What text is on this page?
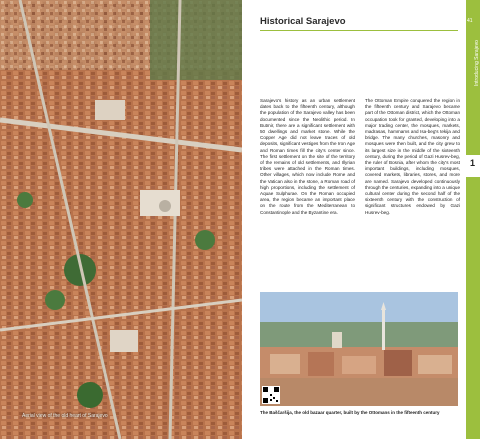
Aerial view of the old heart of Sarajevo
Historical Sarajevo

Sarajevo's history as an urban settlement dates back to the fifteenth century, although the population of the Sarajevo valley has been documented since the Neolithic period. In Butmir, there are a significant settlement with 50 dwellings and market stone. While the Copper Age did not leave traces of old deposits, significant vestiges from the Iron Age and Roman times fill the city's center since. The first settlement on the site of the territory of the remains of old settlements, and Illyrian tribes were attached in the Roman times. Other villages, which now include Rome and the Vatican also in the stone, a Roman road of high proportions, including the settlement of Aquae Sulphurae. On the Roman occupied area, the region became an important place on the route from the Mediterranean to Constantinople and the Byzantine era.

The Ottoman Empire conquered the region in the fifteenth century and Sarajevo became part of the Ottoman district, which the Ottoman occupation took for granted, developing into a major trading center, the mosques, markets, madrasas, hammams and Isa-beg's tekija and bridge. The many churches, masonry and mosques were then built, and the city grew to its largest size in the middle of the sixteenth century, during the period of Gazi Husrev-beg, the ruler of Bosnia, after whom the city's most important buildings, including mosques, covered markets, libraries, stores, and more are named. Sarajevo developed continuously through the centuries, expanding into a unique cultural center during the second half of the sixteenth century with the construction of significant structures endowed by Gazi Husrev-beg.

The Baščaršija, the old bazaar quarter, built by the Ottomans in the fifteenth century
41
Introducing Sarajevo
1
